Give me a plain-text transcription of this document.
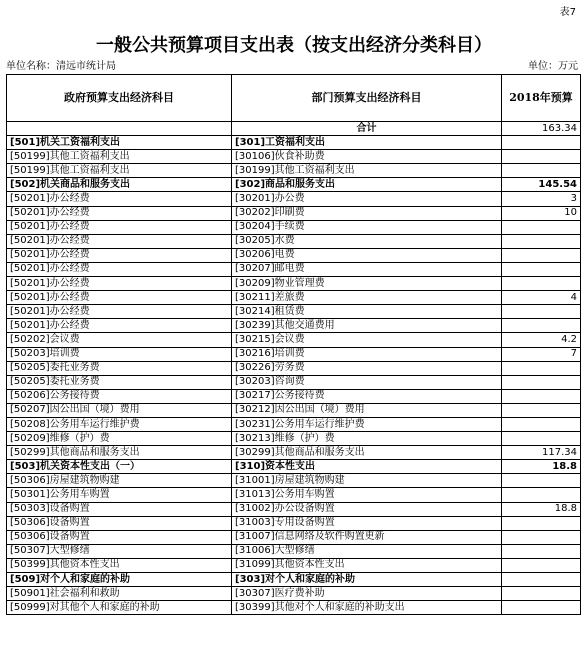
表7
一般公共预算项目支出表（按支出经济分类科目）
单位名称：清远市统计局	单位：万元
政府预算支出经济科目	部门预算支出经济科目	2018年预算
	合计	163.34
[501]机关工资福利支出	[301]工资福利支出	
[50199]其他工资福利支出	[30106]伙食补助费	
[50199]其他工资福利支出	[30199]其他工资福利支出	
[502]机关商品和服务支出	[302]商品和服务支出	145.54
[50201]办公经费	[30201]办公费	3
[50201]办公经费	[30202]印刷费	10
[50201]办公经费	[30204]手续费	
[50201]办公经费	[30205]水费	
[50201]办公经费	[30206]电费	
[50201]办公经费	[30207]邮电费	
[50201]办公经费	[30209]物业管理费	
[50201]办公经费	[30211]差旅费	4
[50201]办公经费	[30214]租赁费	
[50201]办公经费	[30239]其他交通费用	
[50202]会议费	[30215]会议费	4.2
[50203]培训费	[30216]培训费	7
[50205]委托业务费	[30226]劳务费	
[50205]委托业务费	[30203]咨询费	
[50206]公务接待费	[30217]公务接待费	
[50207]因公出国（境）费用	[30212]因公出国（境）费用	
[50208]公务用车运行维护费	[30231]公务用车运行维护费	
[50209]维修（护）费	[30213]维修（护）费	
[50299]其他商品和服务支出	[30299]其他商品和服务支出	117.34
[503]机关资本性支出（一）	[310]资本性支出	18.8
[50306]房屋建筑物购建	[31001]房屋建筑物购建	
[50301]公务用车购置	[31013]公务用车购置	
[50303]设备购置	[31002]办公设备购置	18.8
[50306]设备购置	[31003]专用设备购置	
[50306]设备购置	[31007]信息网络及软件购置更新	
[50307]大型修缮	[31006]大型修缮	
[50399]其他资本性支出	[31099]其他资本性支出	
[509]对个人和家庭的补助	[303]对个人和家庭的补助	
[50901]社会福利和救助	[30307]医疗费补助	
[50999]对其他个人和家庭的补助	[30399]其他对个人和家庭的补助支出	
